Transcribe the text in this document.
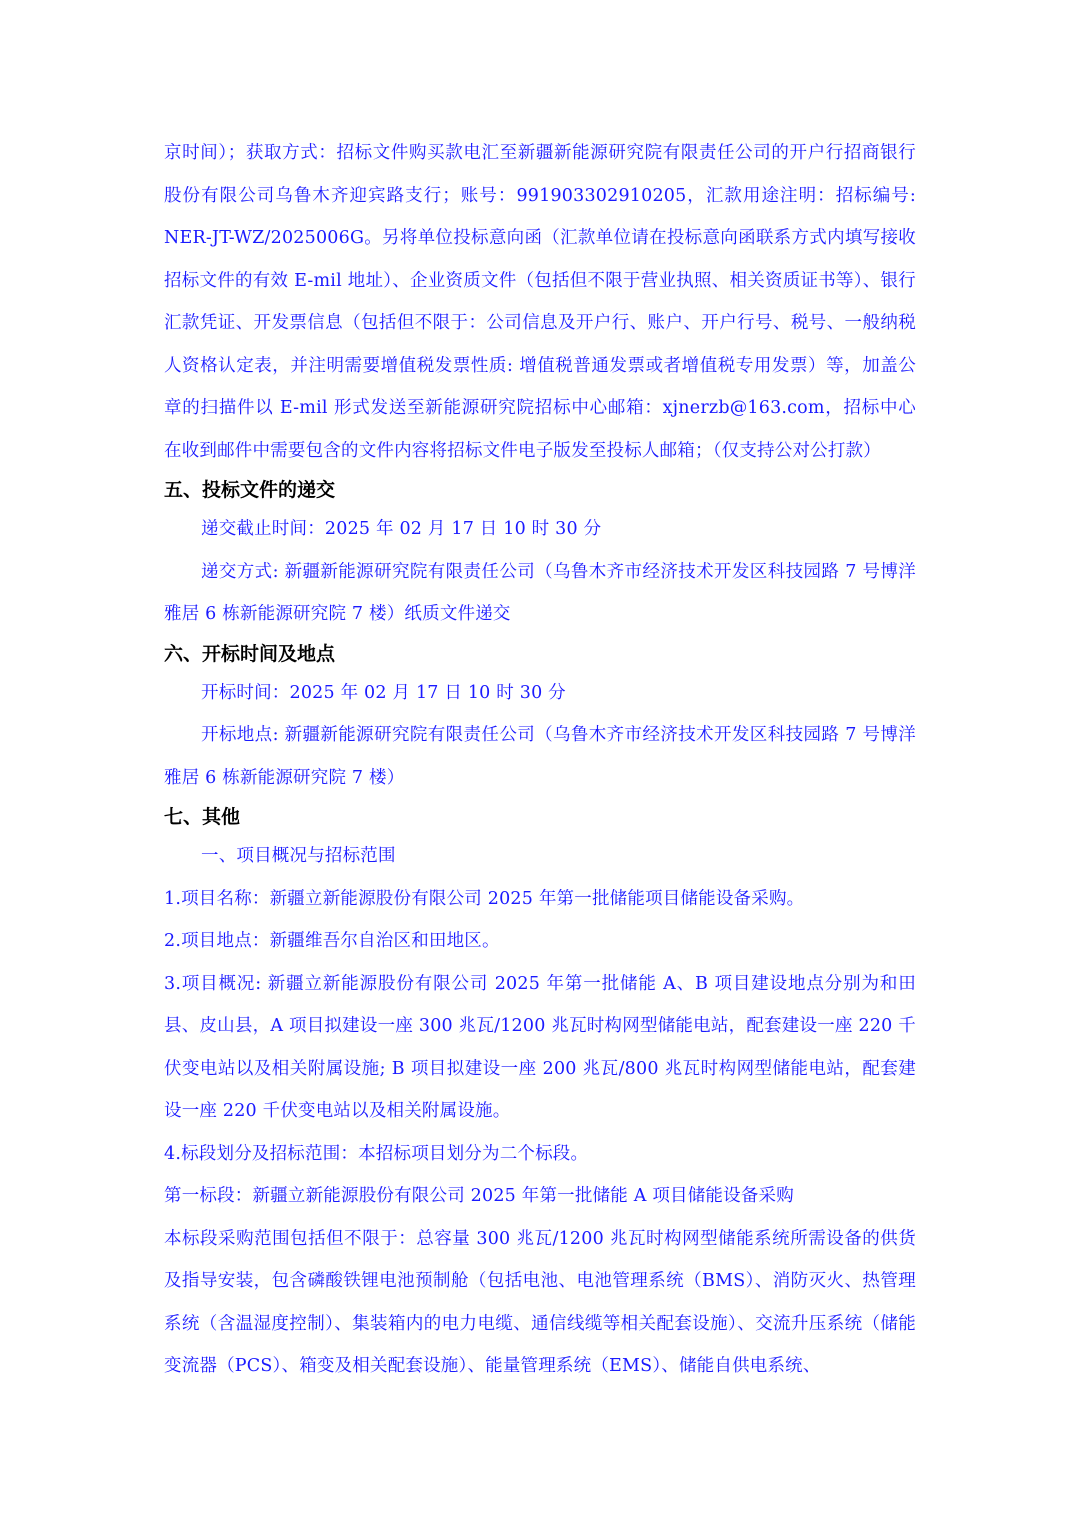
京时间）；获取方式：招标文件购买款电汇至新疆新能源研究院有限责任公司的开户行招商银行股份有限公司乌鲁木齐迎宾路支行；账号：991903302910205，汇款用途注明：招标编号: NER-JT-WZ/2025006G。另将单位投标意向函（汇款单位请在投标意向函联系方式内填写接收招标文件的有效 E-mil 地址）、企业资质文件（包括但不限于营业执照、相关资质证书等）、银行汇款凭证、开发票信息（包括但不限于：公司信息及开户行、账户、开户行号、税号、一般纳税人资格认定表，并注明需要增值税发票性质: 增值税普通发票或者增值税专用发票）等，加盖公章的扫描件以 E-mil 形式发送至新能源研究院招标中心邮箱：xjnerzb@163.com，招标中心在收到邮件中需要包含的文件内容将招标文件电子版发至投标人邮箱；（仅支持公对公打款）

五、投标文件的递交

递交截止时间：2025 年 02 月 17 日 10 时 30 分

递交方式: 新疆新能源研究院有限责任公司（乌鲁木齐市经济技术开发区科技园路 7 号博洋雅居 6 栋新能源研究院 7 楼）纸质文件递交

六、开标时间及地点

开标时间：2025 年 02 月 17 日 10 时 30 分

开标地点: 新疆新能源研究院有限责任公司（乌鲁木齐市经济技术开发区科技园路 7 号博洋雅居 6 栋新能源研究院 7 楼）

七、其他

一、项目概况与招标范围

1.项目名称：新疆立新能源股份有限公司 2025 年第一批储能项目储能设备采购。

2.项目地点：新疆维吾尔自治区和田地区。

3.项目概况: 新疆立新能源股份有限公司 2025 年第一批储能 A、B 项目建设地点分别为和田县、皮山县，A 项目拟建设一座 300 兆瓦/1200 兆瓦时构网型储能电站，配套建设一座 220 千伏变电站以及相关附属设施; B 项目拟建设一座 200 兆瓦/800 兆瓦时构网型储能电站，配套建设一座 220 千伏变电站以及相关附属设施。

4.标段划分及招标范围：本招标项目划分为二个标段。

第一标段：新疆立新能源股份有限公司 2025 年第一批储能 A 项目储能设备采购

本标段采购范围包括但不限于：总容量 300 兆瓦/1200 兆瓦时构网型储能系统所需设备的供货及指导安装，包含磷酸铁锂电池预制舱（包括电池、电池管理系统（BMS）、消防灭火、热管理系统（含温湿度控制）、集装箱内的电力电缆、通信线缆等相关配套设施）、交流升压系统（储能变流器（PCS）、箱变及相关配套设施）、能量管理系统（EMS）、储能自供电系统、
